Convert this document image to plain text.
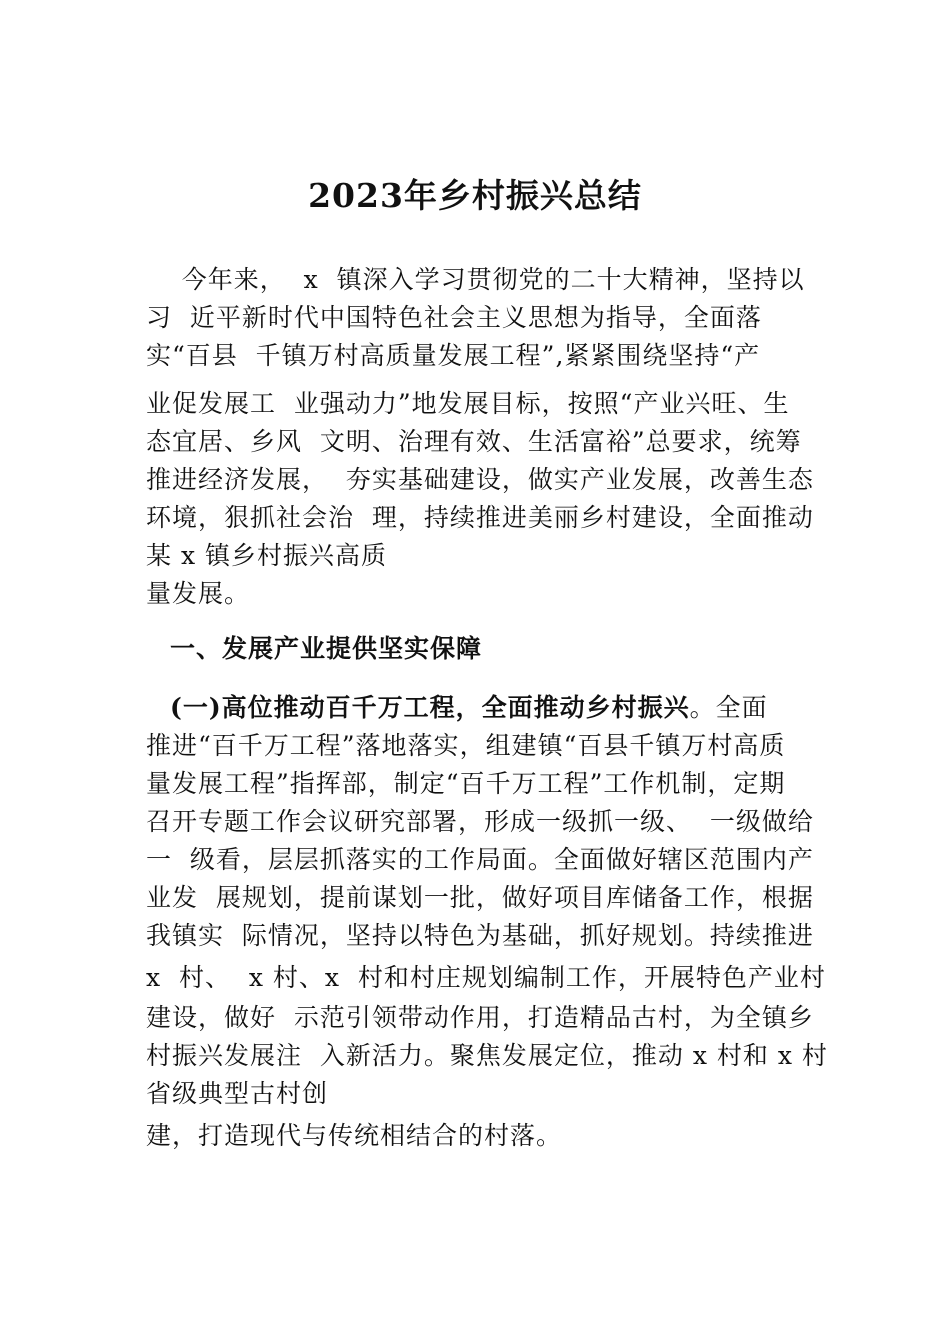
2023年乡村振兴总结
今年来，  x  镇深入学习贯彻党的二十大精神，坚持以
习  近平新时代中国特色社会主义思想为指导，全面落
实“百县  千镇万村高质量发展工程”,紧紧围绕坚持“产
业促发展工  业强动力”地发展目标，按照“产业兴旺、生
态宜居、乡风  文明、治理有效、生活富裕”总要求，统筹
推进经济发展，  夯实基础建设，做实产业发展，改善生态
环境，狠抓社会治  理，持续推进美丽乡村建设，全面推动
某 x 镇乡村振兴高质
量发展。
一、发展产业提供坚实保障
(一)高位推动百千万工程，全面推动乡村振兴。全面
推进“百千万工程”落地落实，组建镇“百县千镇万村高质
量发展工程”指挥部，制定“百千万工程”工作机制，定期
召开专题工作会议研究部署，形成一级抓一级、  一级做给
一  级看，层层抓落实的工作局面。全面做好辖区范围内产
业发  展规划，提前谋划一批，做好项目库储备工作，根据
我镇实  际情况，坚持以特色为基础，抓好规划。持续推进
x  村、  x 村、x  村和村庄规划编制工作，开展特色产业村
建设，做好  示范引领带动作用，打造精品古村，为全镇乡
村振兴发展注  入新活力。聚焦发展定位，推动 x 村和 x 村
省级典型古村创
建，打造现代与传统相结合的村落。
